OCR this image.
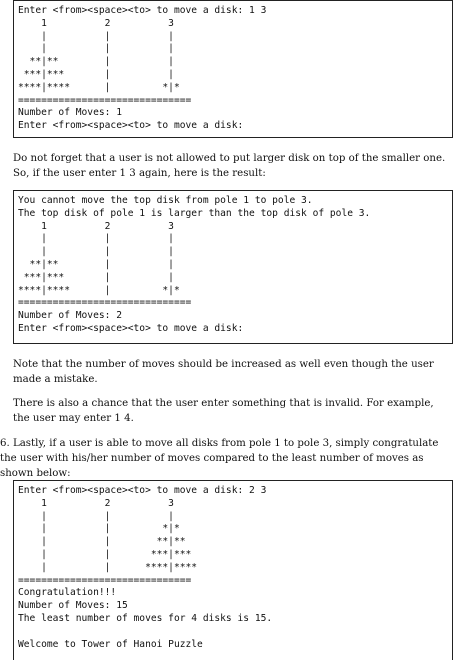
Enter <from><space><to> to move a disk: 1 3
1          2          3
|          |          |
|          |          |
**|**        |          |
***|***       |          |
****|****      |         *|*
==============================
Number of Moves: 1
Enter <from><space><to> to move a disk:

Do not forget that a user is not allowed to put larger disk on top of the smaller one. So, if the user enter 1 3 again, here is the result:

You cannot move the top disk from pole 1 to pole 3.
The top disk of pole 1 is larger than the top disk of pole 3.
1          2          3
|          |          |
|          |          |
**|**        |          |
***|***       |          |
****|****      |         *|*
==============================
Number of Moves: 2
Enter <from><space><to> to move a disk:

Note that the number of moves should be increased as well even though the user made a mistake.

There is also a chance that the user enter something that is invalid. For example, the user may enter 1 4.

6. Lastly, if a user is able to move all disks from pole 1 to pole 3, simply congratulate the user with his/her number of moves compared to the least number of moves as shown below:

Enter <from><space><to> to move a disk: 2 3
1          2          3
|          |          |
|          |         *|*
|          |        **|**
|          |       ***|***
|          |      ****|****
==============================
Congratulation!!!
Number of Moves: 15
The least number of moves for 4 disks is 15.

Welcome to Tower of Hanoi Puzzle
